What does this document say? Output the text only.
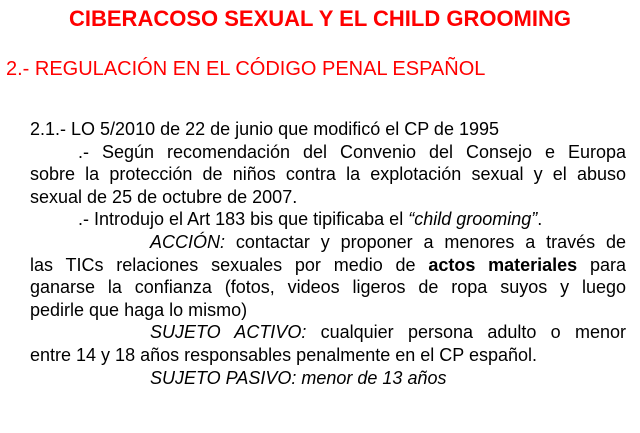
CIBERACOSO SEXUAL Y EL CHILD GROOMING
2.- REGULACIÓN EN EL CÓDIGO PENAL ESPAÑOL
2.1.- LO 5/2010 de 22 de junio que modificó el CP de 1995
.- Según recomendación del Convenio del Consejo e Europa
sobre la protección de niños contra la explotación sexual y el abuso
sexual de 25 de octubre de 2007.
.- Introdujo el Art 183 bis que tipificaba el “child grooming”.
ACCIÓN: contactar y proponer a menores a través de
las TICs relaciones sexuales por medio de actos materiales para
ganarse la confianza (fotos, videos ligeros de ropa suyos y luego
pedirle que haga lo mismo)
SUJETO ACTIVO: cualquier persona adulto o menor
entre 14 y 18 años responsables penalmente en el CP español.
SUJETO PASIVO: menor de 13 años
